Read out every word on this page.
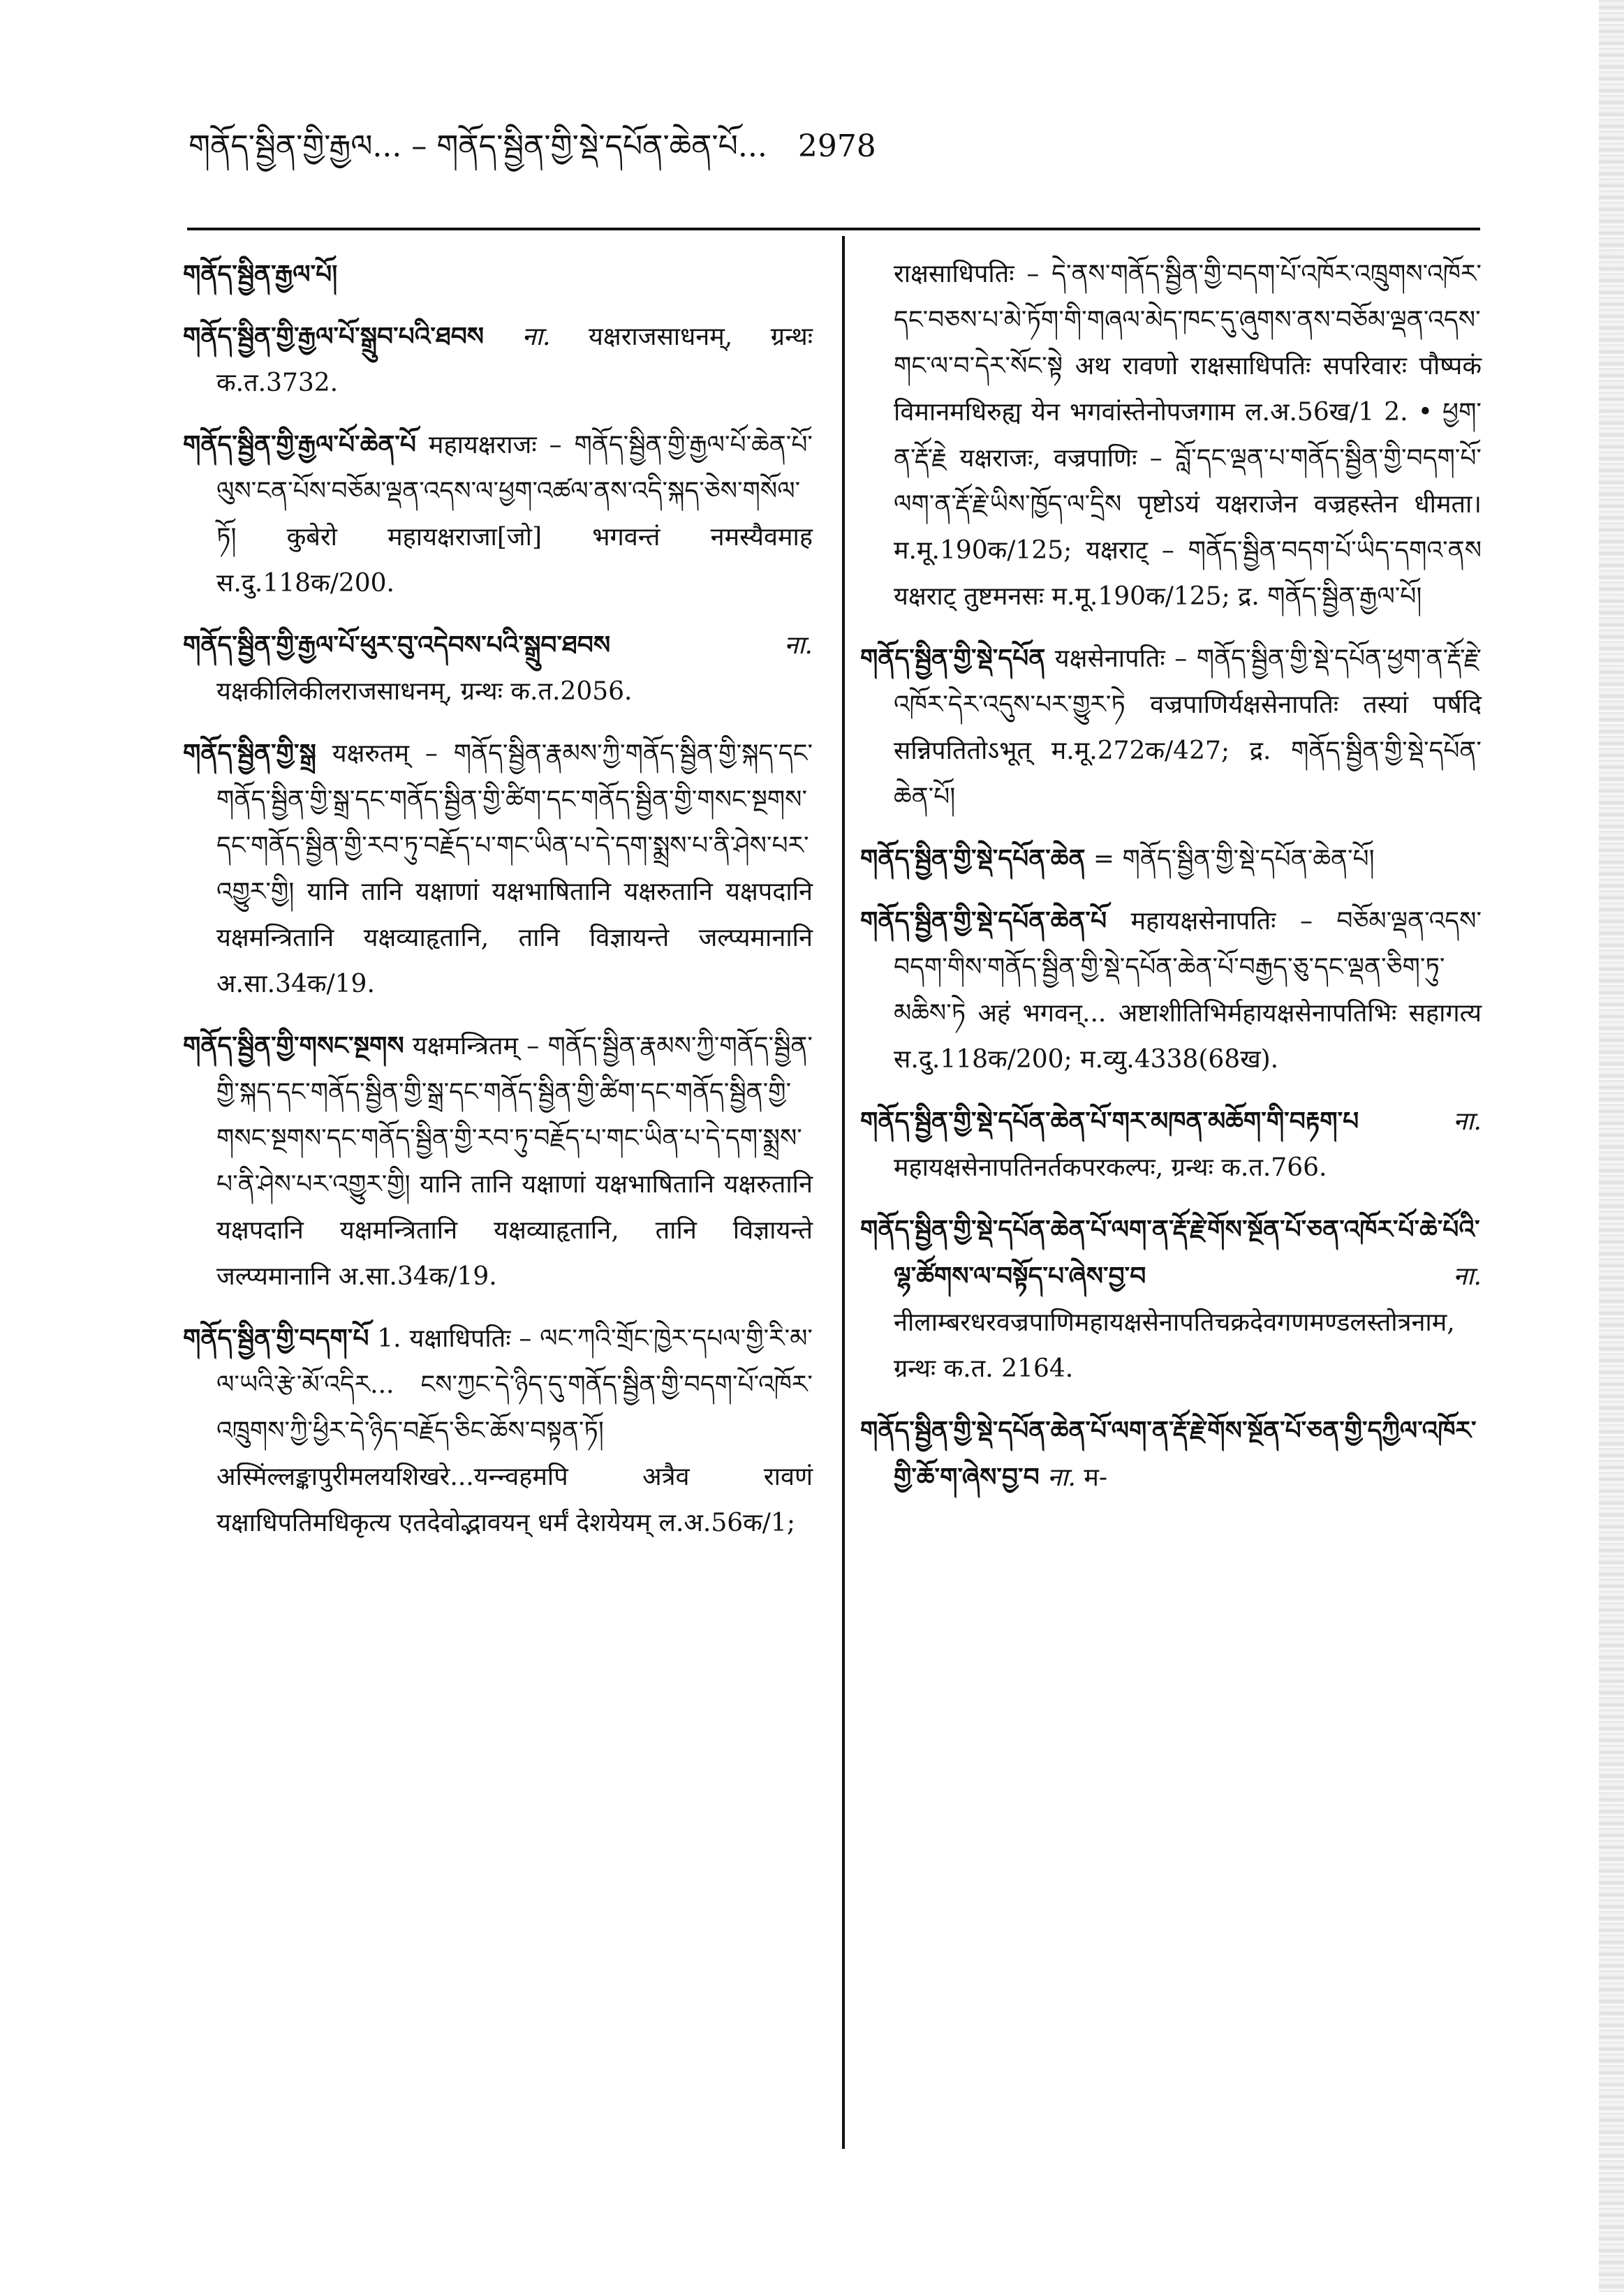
གནོད་སྦྱིན་གྱི་རྒྱལ... – གནོད་སྦྱིན་གྱི་སྡེ་དཔོན་ཆེན་པོ... 2978

གནོད་སྦྱིན་རྒྱལ་པོ།

གནོད་སྦྱིན་གྱི་རྒྱལ་པོ་སྒྲུབ་པའི་ཐབས ना. यक्षराजसाधनम्, ग्रन्थः क.त.3732.

གནོད་སྦྱིན་གྱི་རྒྱལ་པོ་ཆེན་པོ महायक्षराजः – གནོད་སྦྱིན་གྱི་རྒྱལ་པོ་ཆེན་པོ་ལུས་ངན་པོས་བཅོམ་ལྡན་འདས་ལ་ཕྱག་འཚལ་ནས་འདི་སྐད་ཅེས་གསོལ་ཏོ། कुबेरो महायक्षराजा[जो] भगवन्तं नमस्यैवमाह स.दु.118क/200.

གནོད་སྦྱིན་གྱི་རྒྱལ་པོ་ཕུར་བུ་འདེབས་པའི་སྒྲུབ་ཐབས	ना. यक्षकीलिकीलराजसाधनम्, ग्रन्थः क.त.2056.

གནོད་སྦྱིན་གྱི་སྒྲ यक्षरुतम् – གནོད་སྦྱིན་རྣམས་ཀྱི་གནོད་སྦྱིན་གྱི་སྐད་དང་གནོད་སྦྱིན་གྱི་སྒྲ་དང་གནོད་སྦྱིན་གྱི་ཚིག་དང་གནོད་སྦྱིན་གྱི་གསང་སྔགས་དང་གནོད་སྦྱིན་གྱི་རབ་ཏུ་བརྗོད་པ་གང་ཡིན་པ་དེ་དག་སྨྲས་པ་ནི་ཤེས་པར་འགྱུར་གྱི། यानि तानि यक्षाणां यक्षभाषितानि यक्षरुतानि यक्षपदानि यक्षमन्त्रितानि यक्षव्याहृतानि, तानि विज्ञायन्ते जल्प्यमानानि अ.सा.34क/19.

གནོད་སྦྱིན་གྱི་གསང་སྔགས यक्षमन्त्रितम् – གནོད་སྦྱིན་རྣམས་ཀྱི་གནོད་སྦྱིན་གྱི་སྐད་དང་གནོད་སྦྱིན་གྱི་སྒྲ་དང་གནོད་སྦྱིན་གྱི་ཚིག་དང་གནོད་སྦྱིན་གྱི་གསང་སྔགས་དང་གནོད་སྦྱིན་གྱི་རབ་ཏུ་བརྗོད་པ་གང་ཡིན་པ་དེ་དག་སྨྲས་པ་ནི་ཤེས་པར་འགྱུར་གྱི། यानि तानि यक्षाणां यक्षभाषितानि यक्षरुतानि यक्षपदानि यक्षमन्त्रितानि यक्षव्याहृतानि, तानि विज्ञायन्ते जल्प्यमानानि अ.सा.34क/19.

གནོད་སྦྱིན་གྱི་བདག་པོ 1. यक्षाधिपतिः – ལང་ཀའི་གྲོང་ཁྱེར་དཔལ་གྱི་རི་མ་ལ་ཡའི་རྩེ་མོ་འདིར... ངས་ཀྱང་དེ་ཉིད་དུ་གནོད་སྦྱིན་གྱི་བདག་པོ་འཁོར་འཁྲུགས་ཀྱི་ཕྱིར་དེ་ཉིད་བརྗོད་ཅིང་ཆོས་བསྟན་ཏོ། अस्मिंल्लङ्कापुरीमलयशिखरे...यन्न्वहमपि अत्रैव रावणं यक्षाधिपतिमधिकृत्य एतदेवोद्भावयन् धर्मं देशयेयम् ल.अ.56क/1;

राक्षसाधिपतिः – དེ་ནས་གནོད་སྦྱིན་གྱི་བདག་པོ་འཁོར་འཁྲུགས་འཁོར་དང་བཅས་པ་མེ་ཏོག་གི་གཞལ་མེད་ཁང་དུ་ཞུགས་ནས་བཅོམ་ལྡན་འདས་གང་ལ་བ་དེར་སོང་སྟེ अथ रावणो राक्षसाधिपतिः सपरिवारः पौष्पकं विमानमधिरुह्य येन भगवांस्तेनोपजगाम ल.अ.56ख/1 2. • ཕྱག་ན་རྡོ་རྗེ यक्षराजः, वज्रपाणिः – བློ་དང་ལྡན་པ་གནོད་སྦྱིན་གྱི་བདག་པོ་ལག་ན་རྡོ་རྗེ་ཡིས་ཁྱོད་ལ་དྲིས पृष्टोऽयं यक्षराजेन वज्रहस्तेन धीमता। म.मू.190क/125; यक्षराट् – གནོད་སྦྱིན་བདག་པོ་ཡིད་དགའ་ནས यक्षराट् तुष्टमनसः म.मू.190क/125; द्र. གནོད་སྦྱིན་རྒྱལ་པོ།

གནོད་སྦྱིན་གྱི་སྡེ་དཔོན यक्षसेनापतिः – གནོད་སྦྱིན་གྱི་སྡེ་དཔོན་ཕྱག་ན་རྡོ་རྗེ་འཁོར་དེར་འདུས་པར་གྱུར་ཏེ वज्रपाणिर्यक्षसेनापतिः तस्यां पर्षदि सन्निपतितोऽभूत् म.मू.272क/427; द्र. གནོད་སྦྱིན་གྱི་སྡེ་དཔོན་ཆེན་པོ།

གནོད་སྦྱིན་གྱི་སྡེ་དཔོན་ཆེན = གནོད་སྦྱིན་གྱི་སྡེ་དཔོན་ཆེན་པོ།

གནོད་སྦྱིན་གྱི་སྡེ་དཔོན་ཆེན་པོ महायक्षसेनापतिः – བཅོམ་ལྡན་འདས་བདག་གིས་གནོད་སྦྱིན་གྱི་སྡེ་དཔོན་ཆེན་པོ་བརྒྱད་ཅུ་དང་ལྡན་ཅིག་ཏུ་མཆིས་ཏེ अहं भगवन्... अष्टाशीतिभिर्महायक्षसेनापतिभिः सहागत्य स.दु.118क/200; म.व्यु.4338(68ख).

གནོད་སྦྱིན་གྱི་སྡེ་དཔོན་ཆེན་པོ་གར་མཁན་མཆོག་གི་བརྟག་པ	ना. महायक्षसेनापतिनर्तकपरकल्पः, ग्रन्थः क.त.766.

གནོད་སྦྱིན་གྱི་སྡེ་དཔོན་ཆེན་པོ་ལག་ན་རྡོ་རྗེ་གོས་སྔོན་པོ་ཅན་འཁོར་པོ་ཆེ་པོའི་ལྷ་ཚོགས་ལ་བསྟོད་པ་ཞེས་བྱ་བ	ना. नीलाम्बरधरवज्रपाणिमहायक्षसेनापतिचक्रदेवगणमण्डलस्तोत्रनाम, ग्रन्थः क.त. 2164.

གནོད་སྦྱིན་གྱི་སྡེ་དཔོན་ཆེན་པོ་ལག་ན་རྡོ་རྗེ་གོས་སྔོན་པོ་ཅན་གྱི་དཀྱིལ་འཁོར་གྱི་ཆོ་ག་ཞེས་བྱ་བ ना. म-
